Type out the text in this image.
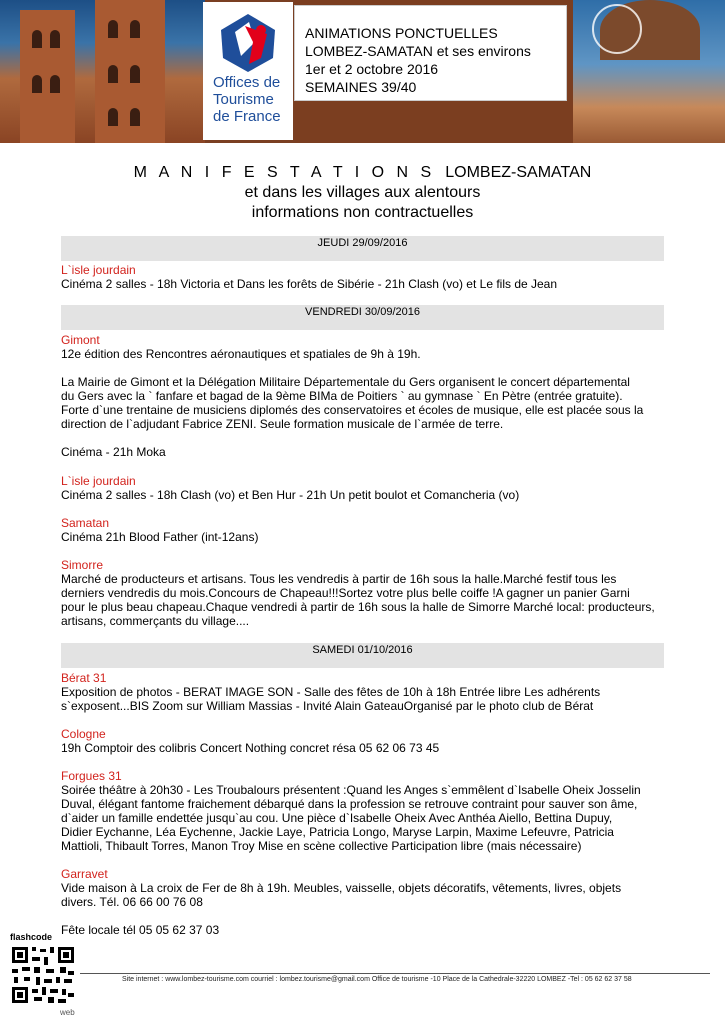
Offices de
Tourisme
de France
ANIMATIONS PONCTUELLES
LOMBEZ-SAMATAN et ses environs
1er et 2 octobre 2016
SEMAINES 39/40
M A N I F E S T A T I O N S LOMBEZ-SAMATAN
et dans les villages aux alentours
informations non contractuelles
JEUDI 29/09/2016
L`isle jourdain
Cinéma 2 salles - 18h Victoria et Dans les forêts de Sibérie - 21h Clash (vo) et Le fils de Jean
VENDREDI 30/09/2016
Gimont
12e édition des Rencontres aéronautiques et spatiales de 9h à 19h.
La Mairie de Gimont et la Délégation Militaire Départementale du Gers organisent le concert départemental
du Gers avec la ` fanfare et bagad de la 9ème BIMa de Poitiers ` au gymnase ` En Pètre (entrée gratuite).
Forte d`une trentaine de musiciens diplomés des conservatoires et écoles de musique, elle est placée sous la
direction de l`adjudant Fabrice ZENI. Seule formation musicale de l`armée de terre.
Cinéma - 21h Moka
L`isle jourdain
Cinéma 2 salles - 18h Clash (vo) et Ben Hur - 21h Un petit boulot et Comancheria (vo)
Samatan
Cinéma 21h Blood Father (int-12ans)
Simorre
Marché de producteurs et artisans. Tous les vendredis à partir de 16h sous la halle.Marché festif tous les
derniers vendredis du mois.Concours de Chapeau!!!Sortez votre plus belle coiffe !A gagner un panier Garni
pour le plus beau chapeau.Chaque vendredi à partir de 16h sous la halle de Simorre Marché local: producteurs,
artisans, commerçants du village....
SAMEDI 01/10/2016
Bérat 31
Exposition de photos - BERAT IMAGE SON - Salle des fêtes de 10h à 18h Entrée libre Les adhérents
s`exposent...BIS Zoom sur William Massias - Invité Alain GateauOrganisé par le photo club de Bérat
Cologne
19h Comptoir des colibris Concert Nothing concret résa 05 62 06 73 45
Forgues 31
Soirée théâtre à 20h30 - Les Troubalours présentent :Quand les Anges s`emmêlent d`Isabelle Oheix Josselin
Duval, élégant fantome fraichement débarqué dans la profession se retrouve contraint pour sauver son âme,
d`aider un famille endettée jusqu`au cou. Une pièce d`Isabelle Oheix Avec Anthéa Aiello, Bettina Dupuy,
Didier Eychanne, Léa Eychenne, Jackie Laye, Patricia Longo, Maryse Larpin, Maxime Lefeuvre, Patricia
Mattioli, Thibault Torres, Manon Troy Mise en scène collective Participation libre (mais nécessaire)
Garravet
Vide maison à La croix de Fer de 8h à 19h. Meubles, vaisselle, objets décoratifs, vêtements, livres, objets
divers. Tél. 06 66 00 76 08
Fête locale tél 05 05 62 37 03
flashcode
web
Site internet : www.lombez-tourisme.com courriel : lombez.tourisme@gmail.com Office de tourisme -10 Place de la Cathedrale-32220 LOMBEZ -Tel : 05 62 62 37 58
